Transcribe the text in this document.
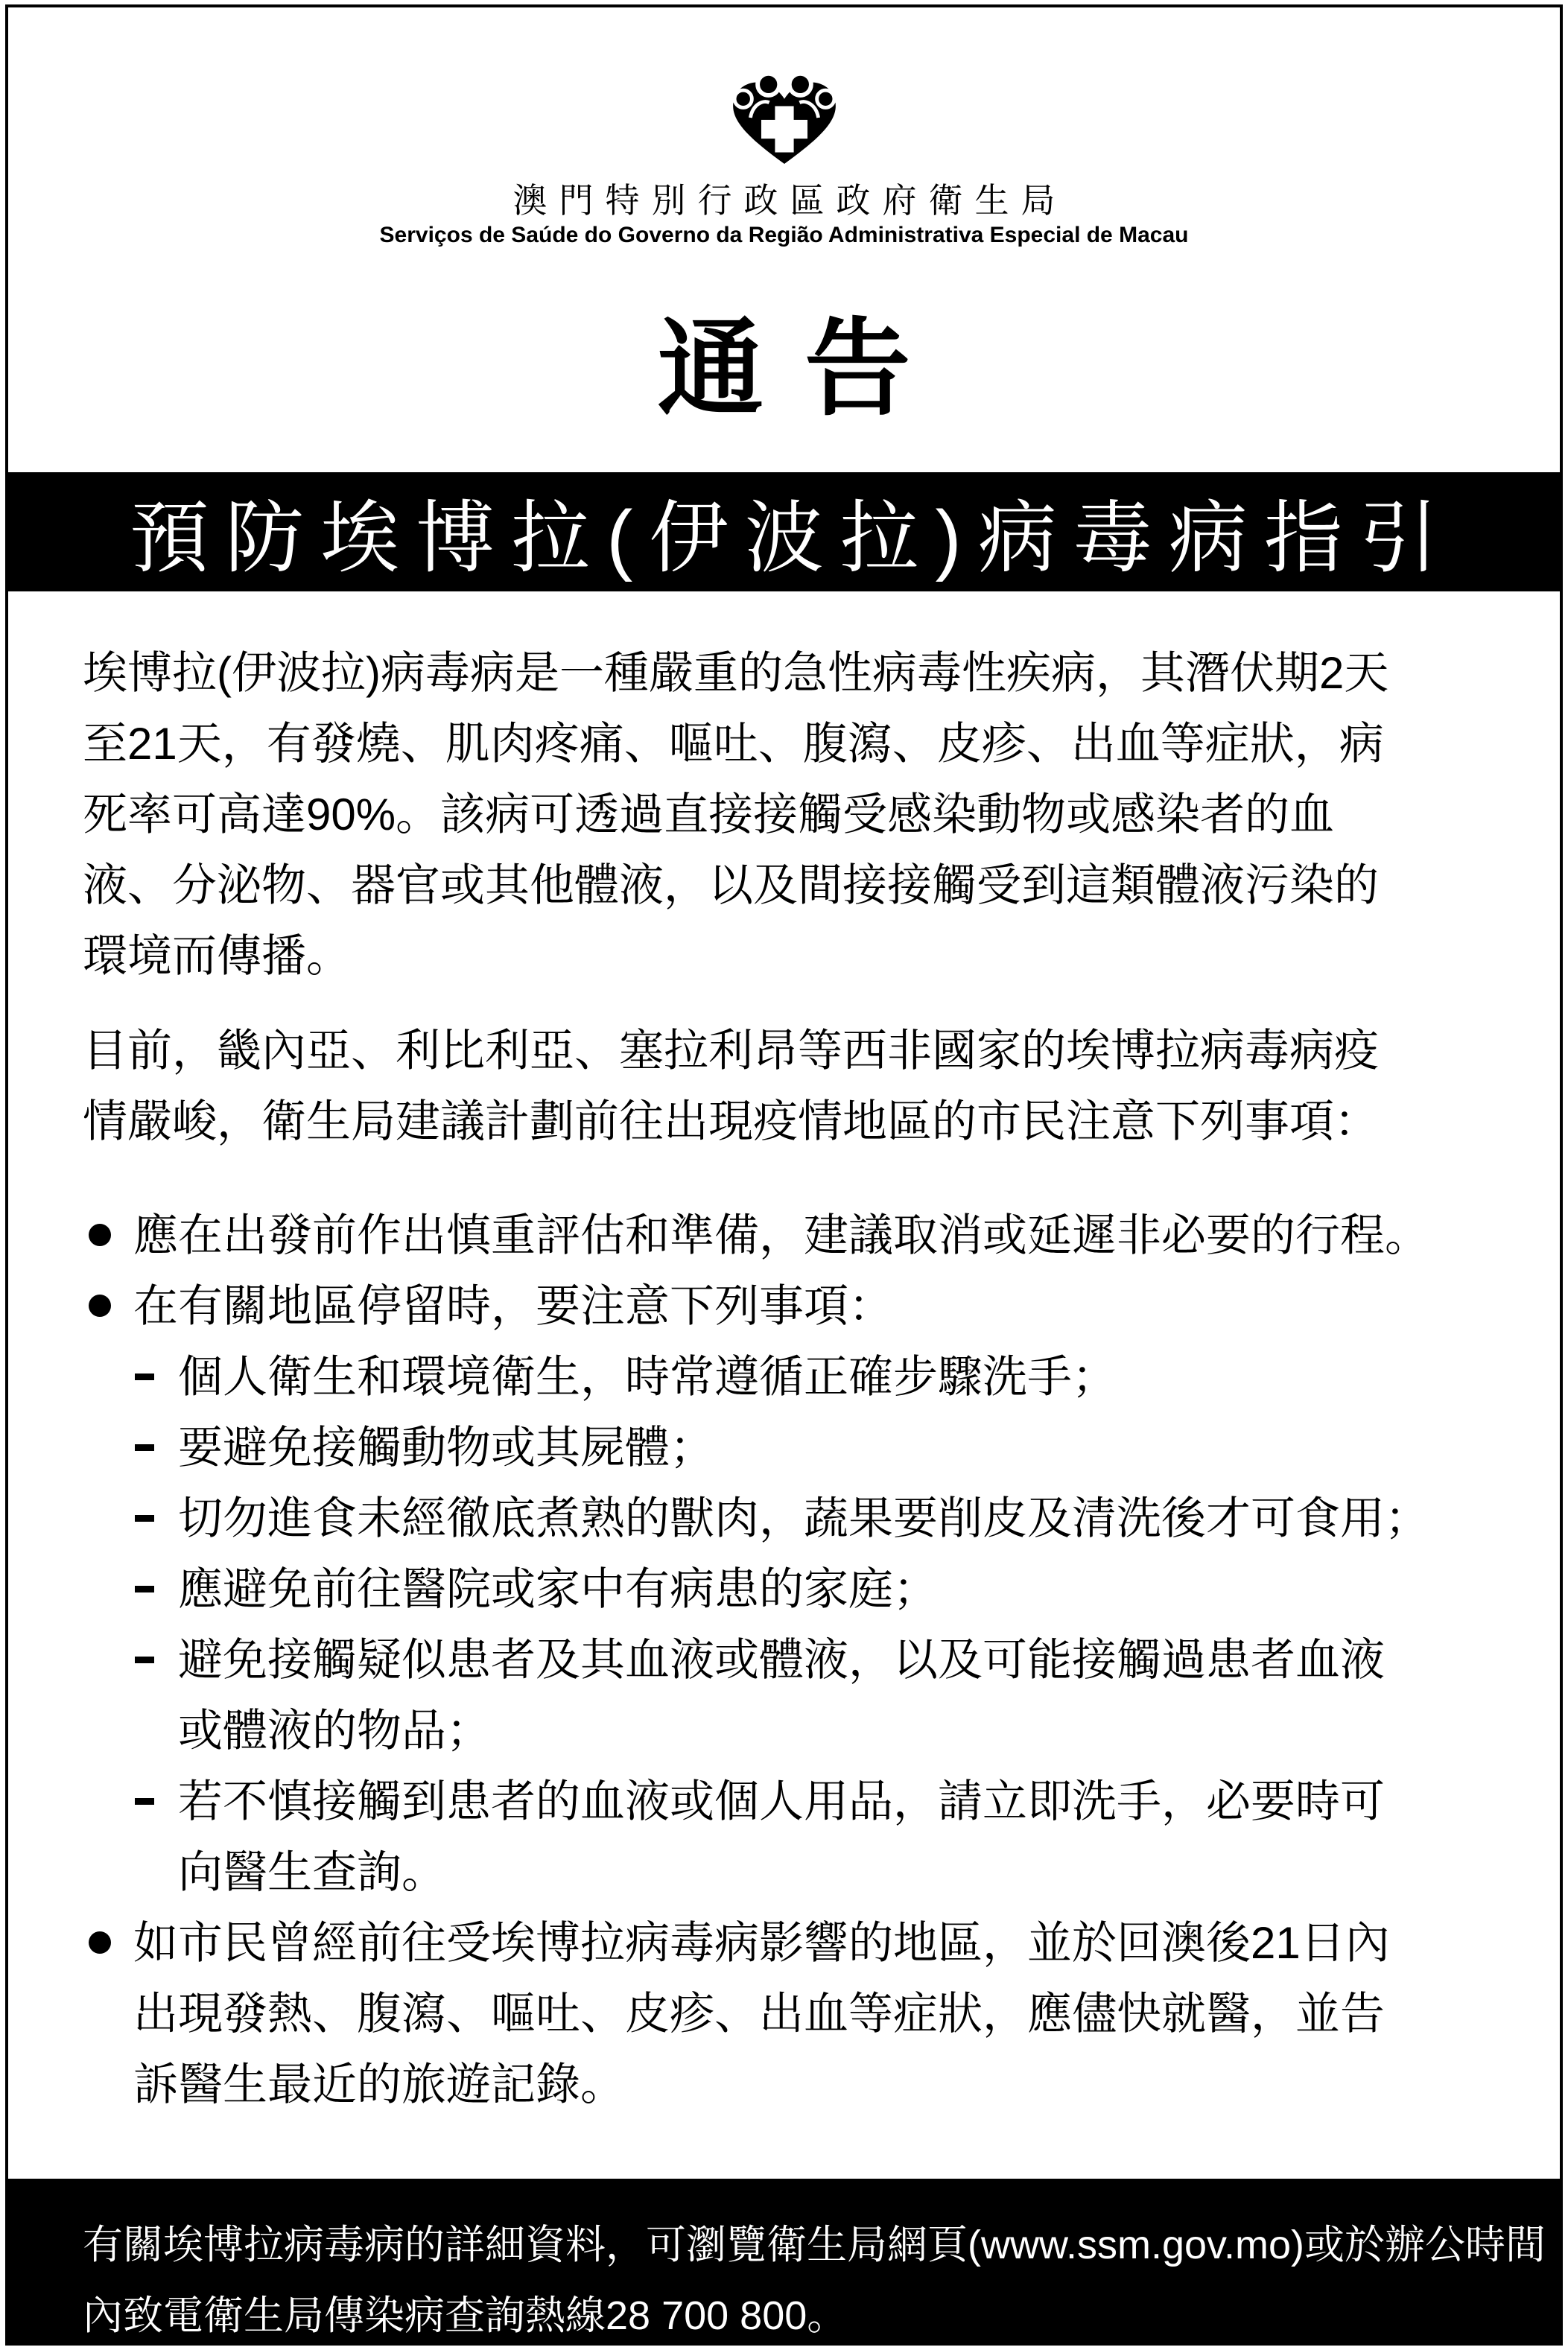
澳門特別行政區政府衛生局
Serviços de Saúde do Governo da Região Administrativa Especial de Macau
通 告
預防埃博拉(伊波拉)病毒病指引

埃博拉(伊波拉)病毒病是一種嚴重的急性病毒性疾病，其潛伏期2天
至21天，有發燒、肌肉疼痛、嘔吐、腹瀉、皮疹、出血等症狀，病
死率可高達90%。該病可透過直接接觸受感染動物或感染者的血
液、分泌物、器官或其他體液，以及間接接觸受到這類體液污染的
環境而傳播。

目前，畿內亞、利比利亞、塞拉利昂等西非國家的埃博拉病毒病疫
情嚴峻，衛生局建議計劃前往出現疫情地區的市民注意下列事項：

應在出發前作出慎重評估和準備，建議取消或延遲非必要的行程。
在有關地區停留時，要注意下列事項：
個人衛生和環境衛生，時常遵循正確步驟洗手；
要避免接觸動物或其屍體；
切勿進食未經徹底煮熟的獸肉，蔬果要削皮及清洗後才可食用；
應避免前往醫院或家中有病患的家庭；
避免接觸疑似患者及其血液或體液，以及可能接觸過患者血液
或體液的物品；
若不慎接觸到患者的血液或個人用品，請立即洗手，必要時可
向醫生查詢。
如市民曾經前往受埃博拉病毒病影響的地區，並於回澳後21日內
出現發熱、腹瀉、嘔吐、皮疹、出血等症狀，應儘快就醫，並告
訴醫生最近的旅遊記錄。
有關埃博拉病毒病的詳細資料，可瀏覽衛生局網頁(www.ssm.gov.mo)或於辦公時間
內致電衛生局傳染病查詢熱線28 700 800。
